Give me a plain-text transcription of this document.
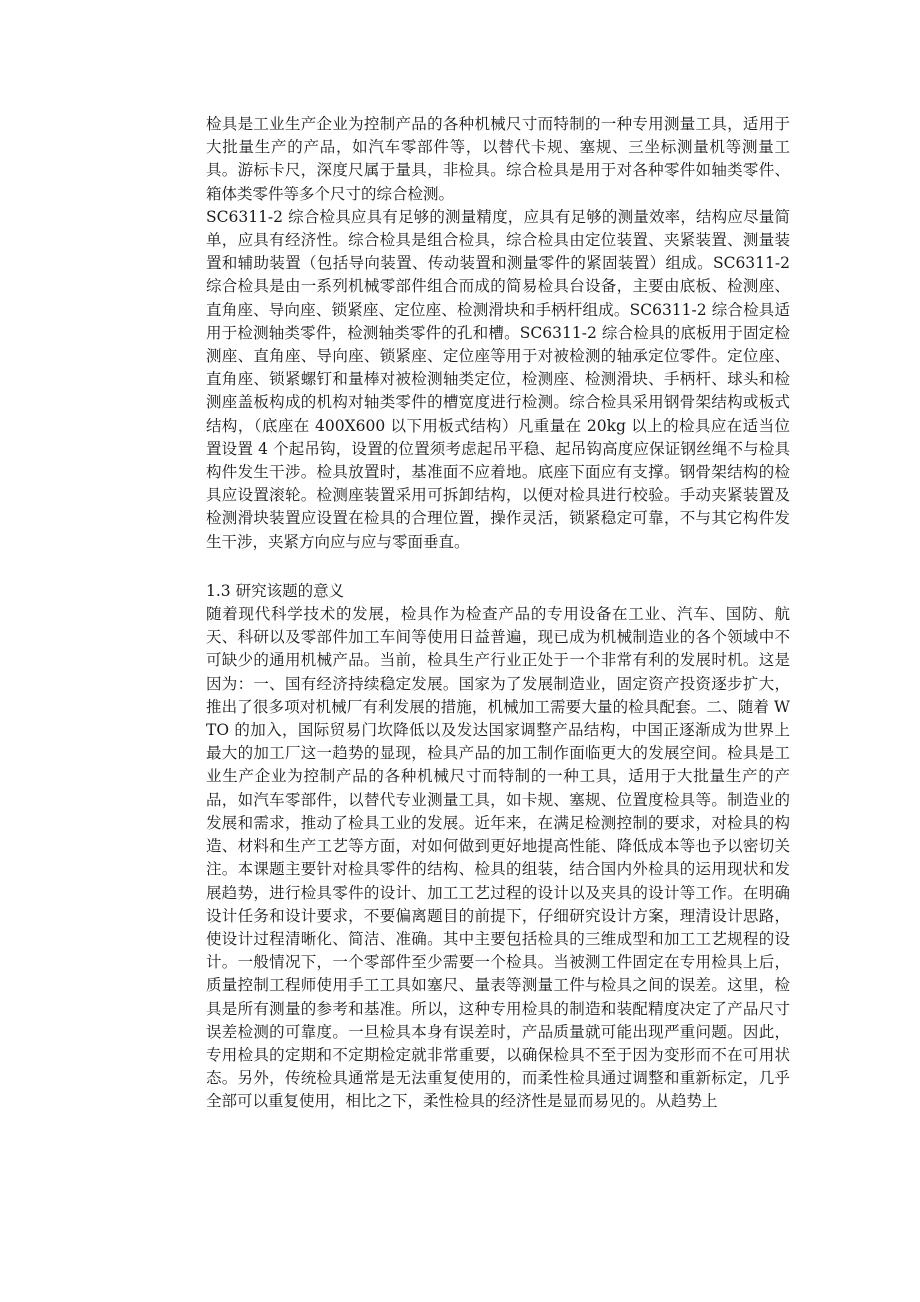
检具是工业生产企业为控制产品的各种机械尺寸而特制的一种专用测量工具，适用于大批量生产的产品，如汽车零部件等，以替代卡规、塞规、三坐标测量机等测量工具。游标卡尺，深度尺属于量具，非检具。综合检具是用于对各种零件如轴类零件、箱体类零件等多个尺寸的综合检测。

SC6311-2 综合检具应具有足够的测量精度，应具有足够的测量效率，结构应尽量简单，应具有经济性。综合检具是组合检具，综合检具由定位装置、夹紧装置、测量装置和辅助装置（包括导向装置、传动装置和测量零件的紧固装置）组成。SC6311-2 综合检具是由一系列机械零部件组合而成的简易检具台设备，主要由底板、检测座、直角座、导向座、锁紧座、定位座、检测滑块和手柄杆组成。SC6311-2 综合检具适用于检测轴类零件，检测轴类零件的孔和槽。SC6311-2 综合检具的底板用于固定检测座、直角座、导向座、锁紧座、定位座等用于对被检测的轴承定位零件。定位座、直角座、锁紧螺钉和量棒对被检测轴类定位，检测座、检测滑块、手柄杆、球头和检测座盖板构成的机构对轴类零件的槽宽度进行检测。综合检具采用钢骨架结构或板式结构，（底座在 400X600 以下用板式结构）凡重量在 20kg 以上的检具应在适当位置设置 4 个起吊钩，设置的位置须考虑起吊平稳、起吊钩高度应保证钢丝绳不与检具构件发生干涉。检具放置时，基准面不应着地。底座下面应有支撑。钢骨架结构的检具应设置滚轮。检测座装置采用可拆卸结构，以便对检具进行校验。手动夹紧装置及检测滑块装置应设置在检具的合理位置，操作灵活，锁紧稳定可靠，不与其它构件发生干涉，夹紧方向应与应与零面垂直。

1.3 研究该题的意义

随着现代科学技术的发展，检具作为检查产品的专用设备在工业、汽车、国防、航天、科研以及零部件加工车间等使用日益普遍，现已成为机械制造业的各个领域中不可缺少的通用机械产品。当前，检具生产行业正处于一个非常有利的发展时机。这是因为：一、国有经济持续稳定发展。国家为了发展制造业，固定资产投资逐步扩大，推出了很多项对机械厂有利发展的措施，机械加工需要大量的检具配套。二、随着 WTO 的加入，国际贸易门坎降低以及发达国家调整产品结构，中国正逐渐成为世界上最大的加工厂这一趋势的显现，检具产品的加工制作面临更大的发展空间。检具是工业生产企业为控制产品的各种机械尺寸而特制的一种工具，适用于大批量生产的产品，如汽车零部件，以替代专业测量工具，如卡规、塞规、位置度检具等。制造业的发展和需求，推动了检具工业的发展。近年来，在满足检测控制的要求，对检具的构造、材料和生产工艺等方面，对如何做到更好地提高性能、降低成本等也予以密切关注。本课题主要针对检具零件的结构、检具的组装，结合国内外检具的运用现状和发展趋势，进行检具零件的设计、加工工艺过程的设计以及夹具的设计等工作。在明确设计任务和设计要求，不要偏离题目的前提下，仔细研究设计方案，理清设计思路，使设计过程清晰化、简洁、准确。其中主要包括检具的三维成型和加工工艺规程的设计。一般情况下，一个零部件至少需要一个检具。当被测工件固定在专用检具上后，质量控制工程师使用手工工具如塞尺、量表等测量工件与检具之间的误差。这里，检具是所有测量的参考和基准。所以，这种专用检具的制造和装配精度决定了产品尺寸误差检测的可靠度。一旦检具本身有误差时，产品质量就可能出现严重问题。因此，专用检具的定期和不定期检定就非常重要，以确保检具不至于因为变形而不在可用状态。另外，传统检具通常是无法重复使用的，而柔性检具通过调整和重新标定，几乎全部可以重复使用，相比之下，柔性检具的经济性是显而易见的。从趋势上
